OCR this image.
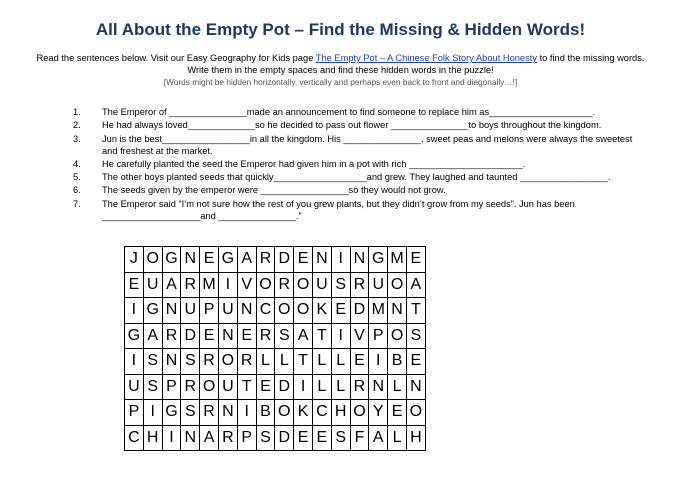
All About the Empty Pot – Find the Missing & Hidden Words!
Read the sentences below. Visit our Easy Geography for Kids page The Empty Pot – A Chinese Folk Story About Honesty to find the missing words.
Write them in the empty spaces and find these hidden words in the puzzle!
[Words might be hidden horizontally, vertically and perhaps even back to front and diagonally…!]
1. The Emperor of _______________made an announcement to find someone to replace him as____________________.
2. He had always loved_____________so he decided to pass out flower _______________to boys throughout the kingdom.
3. Jun is the best_________________in all the kingdom. His _______________, sweet peas and melons were always the sweetest and freshest at the market.
4. He carefully planted the seed the Emperor had given him in a pot with rich ______________________.
5. The other boys planted seeds that quickly__________________and grew. They laughed and taunted _________________.
6. The seeds given by the emperor were _________________so they would not grow.
7. The Emperor said “I’m not sure how the rest of you grew plants, but they didn’t grow from my seeds”. Jun has been ___________________and _______________.”
J	O	G	N	E	G	A	R	D	E	N	I	N	G	M	E
E	U	A	R	M	I	V	O	R	O	U	S	R	U	O	A
I	G	N	U	P	U	N	C	O	O	K	E	D	M	N	T
G	A	R	D	E	N	E	R	S	A	T	I	V	P	O	S
I	S	N	S	R	O	R	L	L	T	L	L	E	I	B	E
U	S	P	R	O	U	T	E	D	I	L	L	R	N	L	N
P	I	G	S	R	N	I	B	O	K	C	H	O	Y	E	O
C	H	I	N	A	R	P	S	D	E	E	S	F	A	L	H
